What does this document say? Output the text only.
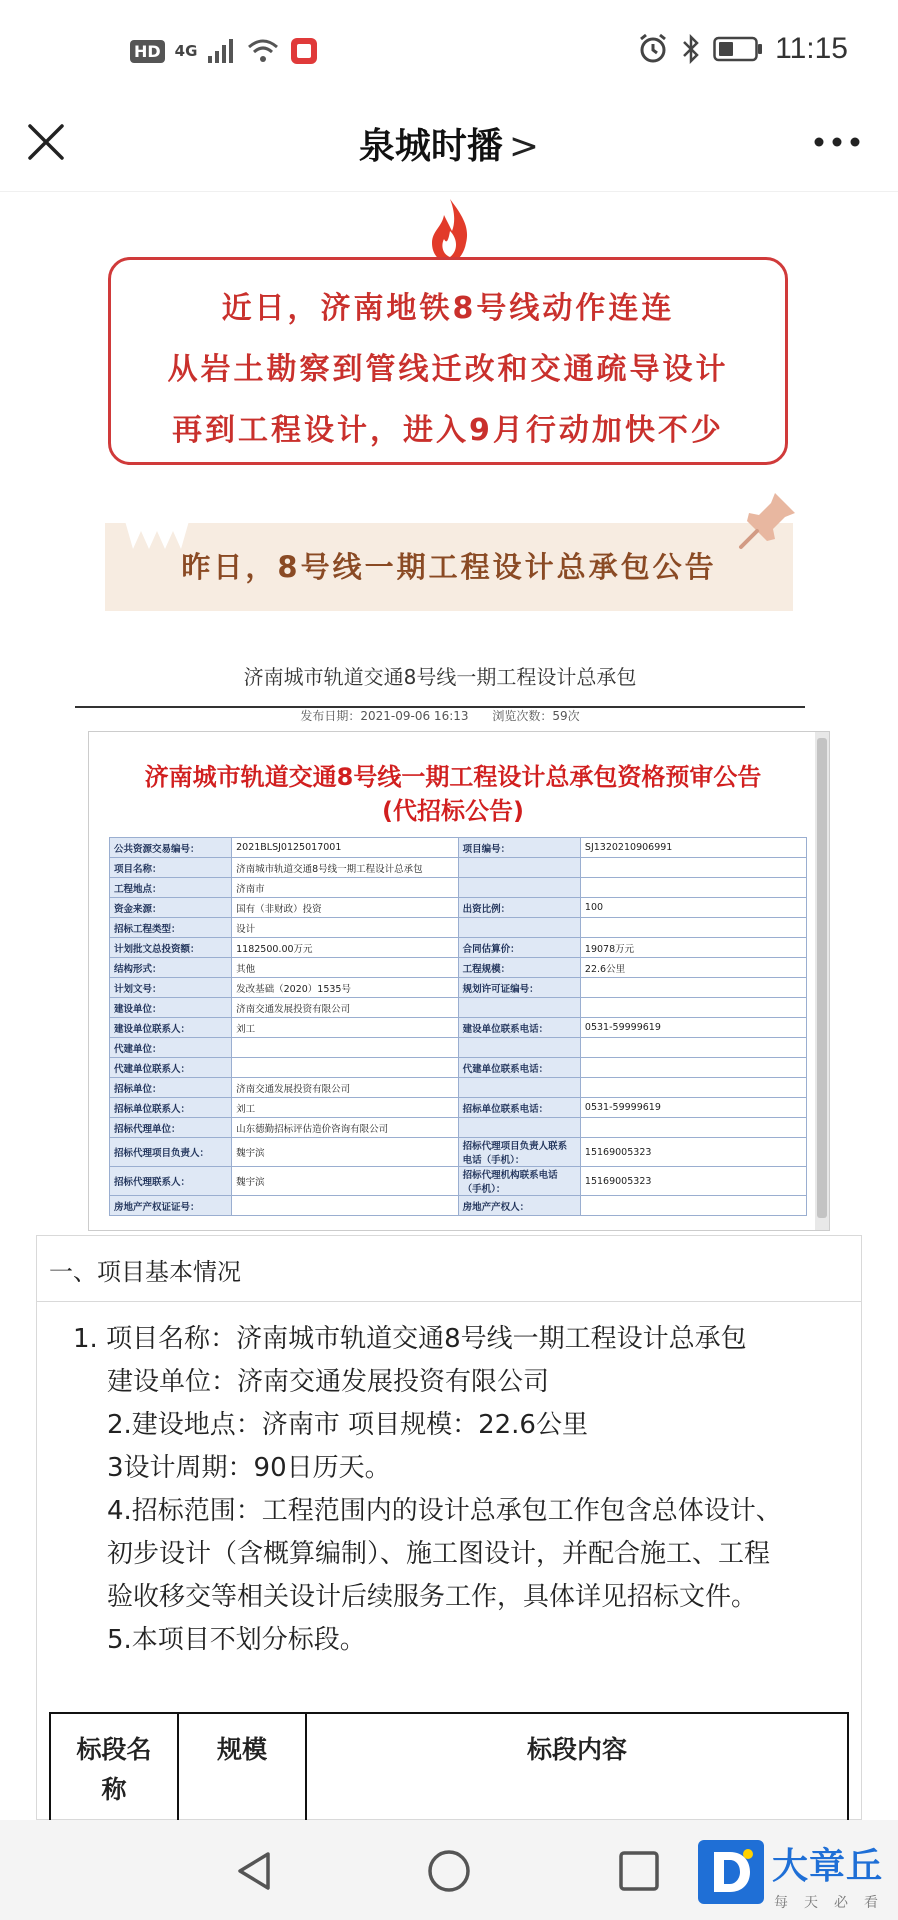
HD 4G	11:15
泉城时播 >

近日，济南地铁8号线动作连连

从岩土勘察到管线迁改和交通疏导设计

再到工程设计，进入9月行动加快不少

昨日，8号线一期工程设计总承包公告
济南城市轨道交通8号线一期工程设计总承包
发布日期：2021-09-06 16:13 浏览次数：59次
济南城市轨道交通8号线一期工程设计总承包资格预审公告
(代招标公告)
公共资源交易编号：	2021BLSJ0125017001	项目编号：	SJ1320210906991
项目名称：	济南城市轨道交通8号线一期工程设计总承包		
工程地点：	济南市		
资金来源：	国有（非财政）投资	出资比例：	100
招标工程类型：	设计		
计划批文总投资额：	1182500.00万元	合同估算价：	19078万元
结构形式：	其他	工程规模：	22.6公里
计划文号：	发改基础（2020）1535号	规划许可证编号：	
建设单位：	济南交通发展投资有限公司		
建设单位联系人：	刘工	建设单位联系电话：	0531-59999619
代建单位：			
代建单位联系人：		代建单位联系电话：	
招标单位：	济南交通发展投资有限公司		
招标单位联系人：	刘工	招标单位联系电话：	0531-59999619
招标代理单位：	山东德勤招标评估造价咨询有限公司		
招标代理项目负责人：	魏宇滨	招标代理项目负责人联系电话（手机）：	15169005323
招标代理联系人：	魏宇滨	招标代理机构联系电话（手机）：	15169005323
房地产产权证证号：		房地产产权人：	
一、项目基本情况
1. 项目名称：济南城市轨道交通8号线一期工程设计总承包
建设单位：济南交通发展投资有限公司
2.建设地点：济南市 项目规模：22.6公里
3设计周期：90日历天。
4.招标范围：工程范围内的设计总承包工作包含总体设计、
初步设计（含概算编制）、施工图设计，并配合施工、工程
验收移交等相关设计后续服务工作，具体详见招标文件。
5.本项目不划分标段。
标段名称	规模	标段内容
大章丘
每天必看
